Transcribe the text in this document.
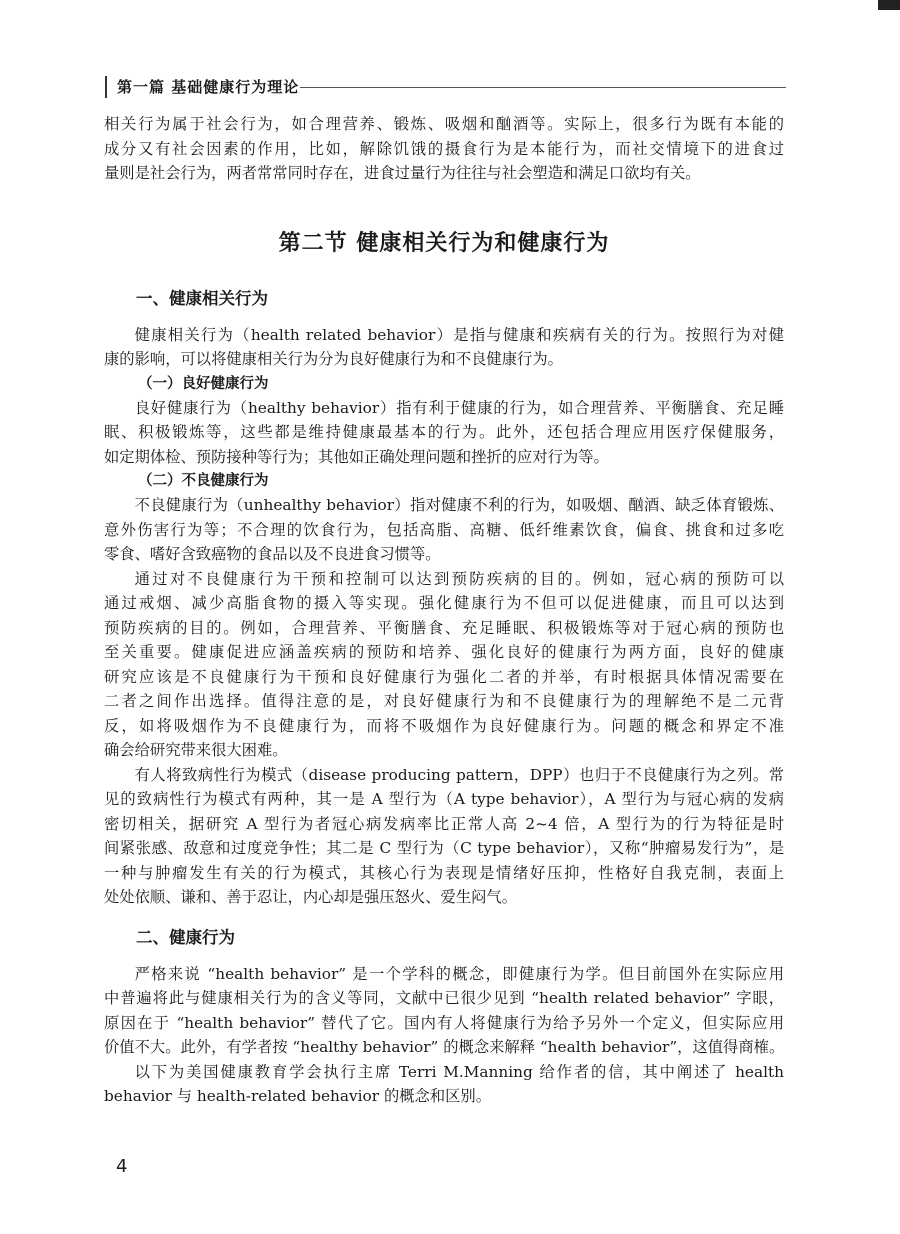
第一篇 基础健康行为理论
相关行为属于社会行为，如合理营养、锻炼、吸烟和酗酒等。实际上，很多行为既有本能的
成分又有社会因素的作用，比如，解除饥饿的摄食行为是本能行为，而社交情境下的进食过
量则是社会行为，两者常常同时存在，进食过量行为往往与社会塑造和满足口欲均有关。
第二节 健康相关行为和健康行为
一、健康相关行为
健康相关行为（health related behavior）是指与健康和疾病有关的行为。按照行为对健
康的影响，可以将健康相关行为分为良好健康行为和不良健康行为。
（一）良好健康行为
良好健康行为（healthy behavior）指有利于健康的行为，如合理营养、平衡膳食、充足睡
眠、积极锻炼等，这些都是维持健康最基本的行为。此外，还包括合理应用医疗保健服务，
如定期体检、预防接种等行为；其他如正确处理问题和挫折的应对行为等。
（二）不良健康行为
不良健康行为（unhealthy behavior）指对健康不利的行为，如吸烟、酗酒、缺乏体育锻炼、
意外伤害行为等；不合理的饮食行为，包括高脂、高糖、低纤维素饮食，偏食、挑食和过多吃
零食、嗜好含致癌物的食品以及不良进食习惯等。
通过对不良健康行为干预和控制可以达到预防疾病的目的。例如，冠心病的预防可以
通过戒烟、减少高脂食物的摄入等实现。强化健康行为不但可以促进健康，而且可以达到
预防疾病的目的。例如，合理营养、平衡膳食、充足睡眠、积极锻炼等对于冠心病的预防也
至关重要。健康促进应涵盖疾病的预防和培养、强化良好的健康行为两方面，良好的健康
研究应该是不良健康行为干预和良好健康行为强化二者的并举，有时根据具体情况需要在
二者之间作出选择。值得注意的是，对良好健康行为和不良健康行为的理解绝不是二元背
反，如将吸烟作为不良健康行为，而将不吸烟作为良好健康行为。问题的概念和界定不准
确会给研究带来很大困难。
有人将致病性行为模式（disease producing pattern，DPP）也归于不良健康行为之列。常
见的致病性行为模式有两种，其一是 A 型行为（A type behavior），A 型行为与冠心病的发病
密切相关，据研究 A 型行为者冠心病发病率比正常人高 2~4 倍，A 型行为的行为特征是时
间紧张感、敌意和过度竞争性；其二是 C 型行为（C type behavior），又称“肿瘤易发行为”，是
一种与肿瘤发生有关的行为模式，其核心行为表现是情绪好压抑，性格好自我克制，表面上
处处依顺、谦和、善于忍让，内心却是强压怒火、爱生闷气。
二、健康行为
严格来说 “health behavior” 是一个学科的概念，即健康行为学。但目前国外在实际应用
中普遍将此与健康相关行为的含义等同，文献中已很少见到 “health related behavior” 字眼，
原因在于 “health behavior” 替代了它。国内有人将健康行为给予另外一个定义，但实际应用
价值不大。此外，有学者按 “healthy behavior” 的概念来解释 “health behavior”，这值得商榷。
以下为美国健康教育学会执行主席 Terri M.Manning 给作者的信，其中阐述了 health
behavior 与 health-related behavior 的概念和区别。
4
